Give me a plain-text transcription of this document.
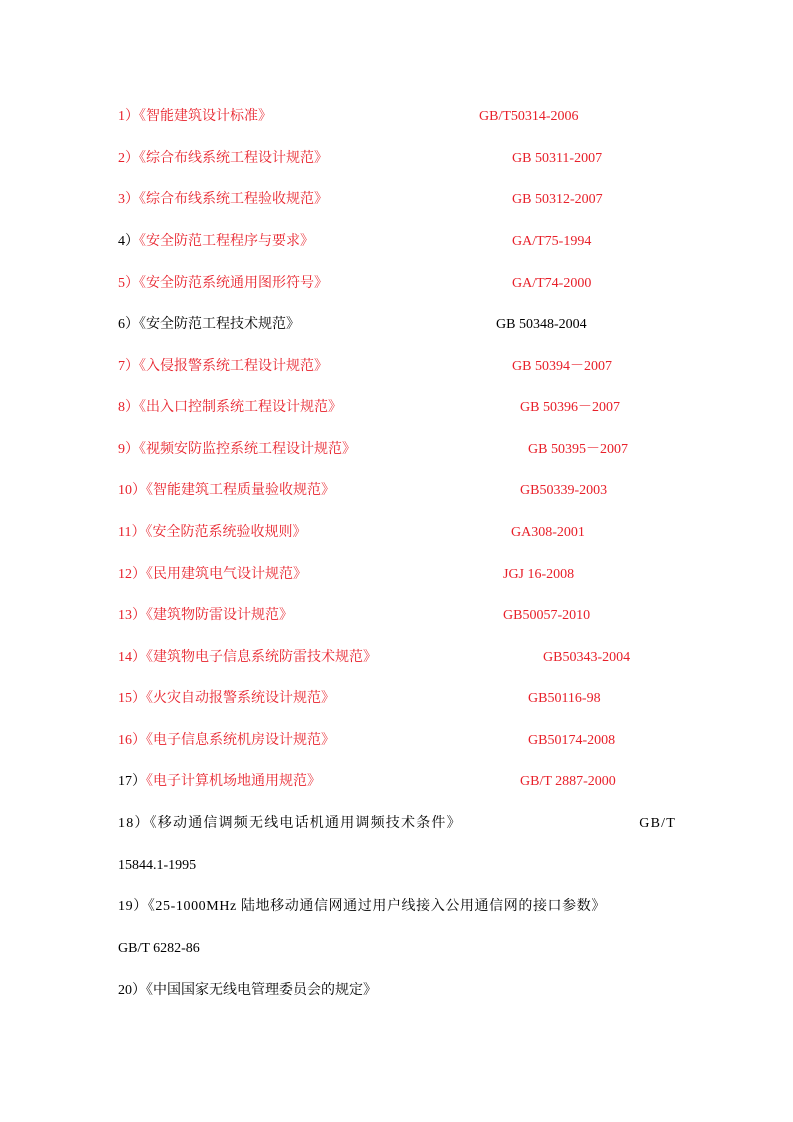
1）《智能建筑设计标准》	GB/T50314-2006
2）《综合布线系统工程设计规范》	GB 50311-2007
3）《综合布线系统工程验收规范》	GB 50312-2007
4）《安全防范工程程序与要求》	GA/T75-1994
5）《安全防范系统通用图形符号》	GA/T74-2000
6）《安全防范工程技术规范》	GB 50348-2004
7）《入侵报警系统工程设计规范》	GB 50394－2007
8）《出入口控制系统工程设计规范》	GB 50396－2007
9）《视频安防监控系统工程设计规范》	GB 50395－2007
10）《智能建筑工程质量验收规范》	GB50339-2003
11）《安全防范系统验收规则》	GA308-2001
12）《民用建筑电气设计规范》	JGJ 16-2008
13）《建筑物防雷设计规范》	GB50057-2010
14）《建筑物电子信息系统防雷技术规范》	GB50343-2004
15）《火灾自动报警系统设计规范》	GB50116-98
16）《电子信息系统机房设计规范》	GB50174-2008
17）《电子计算机场地通用规范》	GB/T 2887-2000
18）《移动通信调频无线电话机通用调频技术条件》	GB/T
15844.1-1995
19）《25-1000MHz 陆地移动通信网通过用户线接入公用通信网的接口参数》
GB/T 6282-86
20）《中国国家无线电管理委员会的规定》
